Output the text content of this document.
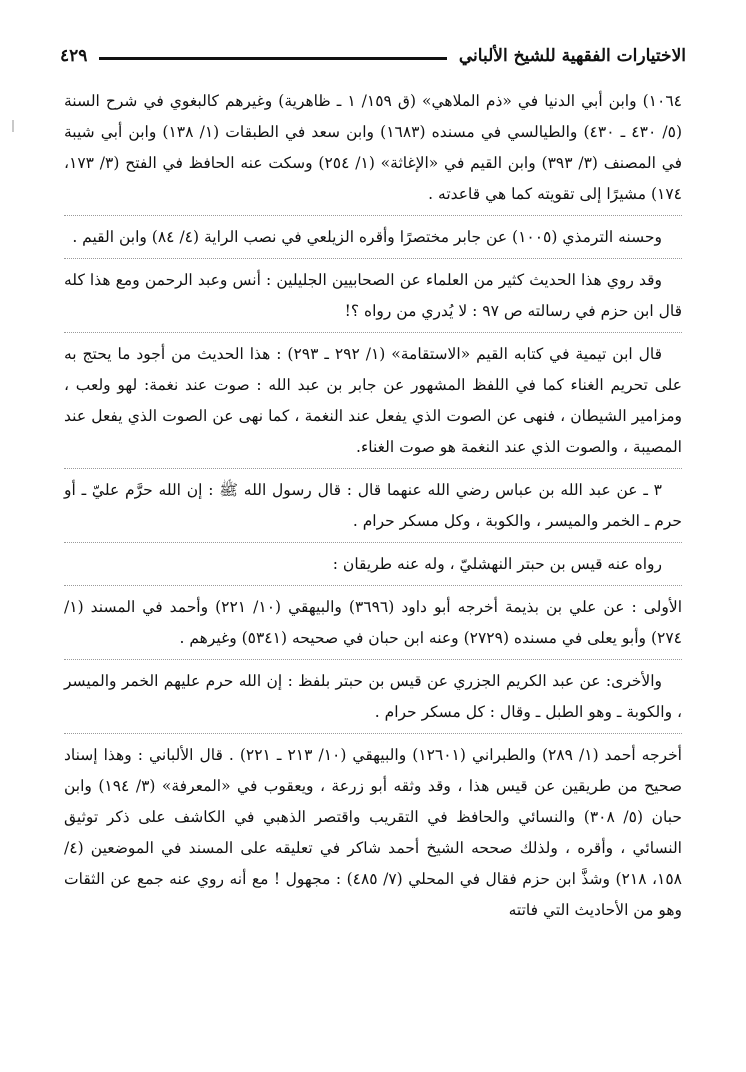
الاختيارات الفقهية للشيخ الألباني
٤٢٩

١٠٦٤) وابن أبي الدنيا في «ذم الملاهي» (ق ١٥٩/ ١ ـ ظاهرية) وغيرهم كالبغوي في شرح السنة (٥/ ٤٣٠ ـ ٤٣٠) والطيالسي في مسنده (١٦٨٣) وابن سعد في الطبقات (١/ ١٣٨) وابن أبي شيبة في المصنف (٣/ ٣٩٣) وابن القيم في «الإغاثة» (١/ ٢٥٤) وسكت عنه الحافظ في الفتح (٣/ ١٧٣، ١٧٤) مشيرًا إلى تقويته كما هي قاعدته .

وحسنه الترمذي (١٠٠٥) عن جابر مختصرًا وأقره الزيلعي في نصب الراية (٤/ ٨٤) وابن القيم .

وقد روي هذا الحديث كثير من العلماء عن الصحابيين الجليلين : أنس وعبد الرحمن ومع هذا كله قال ابن حزم في رسالته ص ٩٧ : لا يُدري من رواه ؟!

قال ابن تيمية في كتابه القيم «الاستقامة» (١/ ٢٩٢ ـ ٢٩٣) : هذا الحديث من أجود ما يحتج به على تحريم الغناء كما في اللفظ المشهور عن جابر بن عبد الله : صوت عند نغمة: لهو ولعب ، ومزامير الشيطان ، فنهى عن الصوت الذي يفعل عند النغمة ، كما نهى عن الصوت الذي يفعل عند المصيبة ، والصوت الذي عند النغمة هو صوت الغناء.

٣ ـ عن عبد الله بن عباس رضي الله عنهما قال : قال رسول الله ﷺ : إن الله حرَّم عليّ ـ أو حرم ـ الخمر والميسر ، والكوبة ، وكل مسكر حرام .

رواه عنه قيس بن حبتر النهشليّ ، وله عنه طريقان :

الأولى : عن علي بن بذيمة أخرجه أبو داود (٣٦٩٦) والبيهقي (١٠/ ٢٢١) وأحمد في المسند (١/ ٢٧٤) وأبو يعلى في مسنده (٢٧٢٩) وعنه ابن حبان في صحيحه (٥٣٤١) وغيرهم .

والأخرى: عن عبد الكريم الجزري عن قيس بن حبتر بلفظ : إن الله حرم عليهم الخمر والميسر ، والكوبة ـ وهو الطبل ـ وقال : كل مسكر حرام .

أخرجه أحمد (١/ ٢٨٩) والطبراني (١٢٦٠١) والبيهقي (١٠/ ٢١٣ ـ ٢٢١) . قال الألباني : وهذا إسناد صحيح من طريقين عن قيس هذا ، وقد وثقه أبو زرعة ، ويعقوب في «المعرفة» (٣/ ١٩٤) وابن حبان (٥/ ٣٠٨) والنسائي والحافظ في التقريب واقتصر الذهبي في الكاشف على ذكر توثيق النسائي ، وأقره ، ولذلك صححه الشيخ أحمد شاكر في تعليقه على المسند في الموضعين (٤/ ١٥٨، ٢١٨) وشذَّ ابن حزم فقال في المحلي (٧/ ٤٨٥) : مجهول ! مع أنه روي عنه جمع عن الثقات وهو من الأحاديث التي فاتته
